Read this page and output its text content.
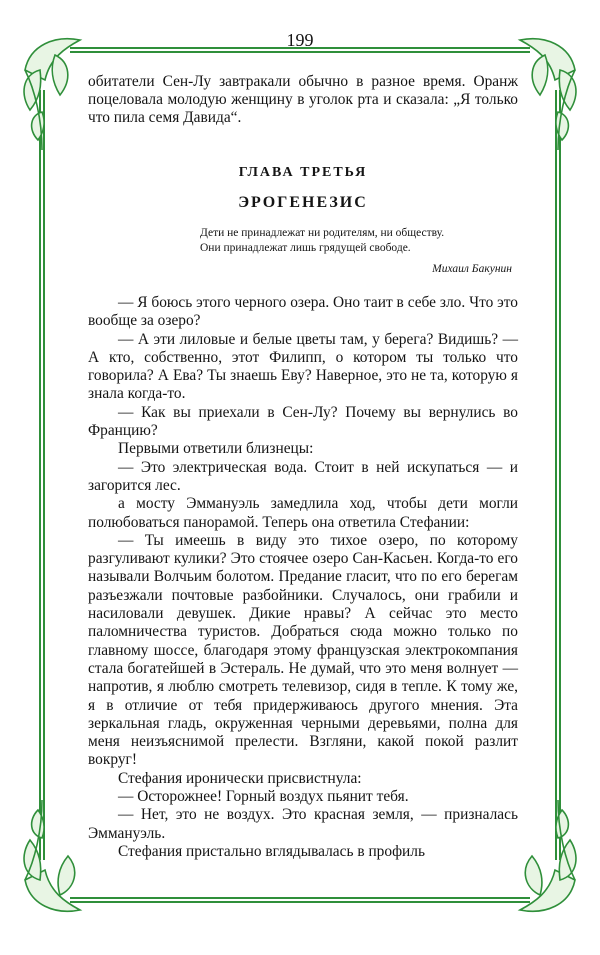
199

обитатели Сен-Лу завтракали обычно в разное время. Оранж поцеловала молодую женщину в уголок рта и сказала: „Я только что пила семя Давида“.

ГЛАВА ТРЕТЬЯ
ЭРОГЕНЕЗИС

Дети не принадлежат ни родителям, ни обществу.

Они принадлежат лишь грядущей свободе.

Михаил Бакунин

— Я боюсь этого черного озера. Оно таит в себе зло. Что это вообще за озеро?

— А эти лиловые и белые цветы там, у берега? Видишь? — А кто, собственно, этот Филипп, о котором ты только что говорила? А Ева? Ты знаешь Еву? Наверное, это не та, которую я знала когда-то.

— Как вы приехали в Сен-Лу? Почему вы вернулись во Францию?

Первыми ответили близнецы:

— Это электрическая вода. Стоит в ней искупаться — и загорится лес.

а мосту Эммануэль замедлила ход, чтобы дети могли полюбоваться панорамой. Теперь она ответила Стефании:

— Ты имеешь в виду это тихое озеро, по которому разгуливают кулики? Это стоячее озеро Сан-Касьен. Когда-то его называли Волчьим болотом. Предание гласит, что по его берегам разъезжали почтовые разбойники. Случалось, они грабили и насиловали девушек. Дикие нравы? А сейчас это место паломничества туристов. Добраться сюда можно только по главному шоссе, благодаря этому французская электрокомпания стала богатейшей в Эстераль. Не думай, что это меня волнует — напротив, я люблю смотреть телевизор, сидя в тепле. К тому же, я в отличие от тебя придерживаюсь другого мнения. Эта зеркальная гладь, окруженная черными деревьями, полна для меня неизъяснимой прелести. Взгляни, какой покой разлит вокруг!

Стефания иронически присвистнула:

— Осторожнее! Горный воздух пьянит тебя.

— Нет, это не воздух. Это красная земля, — призналась Эммануэль.

Стефания пристально вглядывалась в профиль
